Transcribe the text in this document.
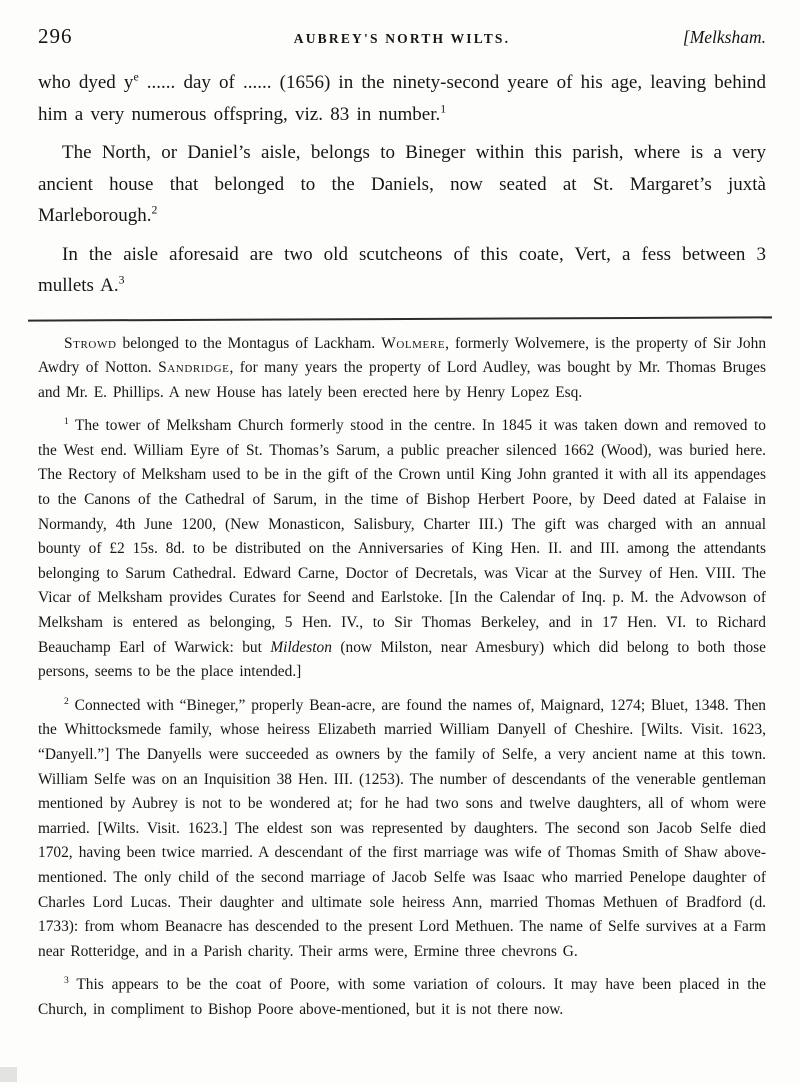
296	AUBREY'S NORTH WILTS.	[Melksham.

who dyed $y^e$ ...... day of ...... (1656) in the ninety-second yeare of his age, leaving behind him a very numerous offspring, viz. 83 in number.$^1$

The North, or Daniel’s aisle, belongs to Bineger within this parish, where is a very ancient house that belonged to the Daniels, now seated at St. Margaret’s juxtà Marleborough.$^2$

In the aisle aforesaid are two old scutcheons of this coate, Vert, a fess between 3 mullets A.$^3$

Strowd belonged to the Montagus of Lackham. Wolmere, formerly Wolvemere, is the property of Sir John Awdry of Notton. Sandridge, for many years the property of Lord Audley, was bought by Mr. Thomas Bruges and Mr. E. Phillips. A new House has lately been erected here by Henry Lopez Esq.

$^1$ The tower of Melksham Church formerly stood in the centre. In 1845 it was taken down and removed to the West end. William Eyre of St. Thomas’s Sarum, a public preacher silenced 1662 (Wood), was buried here. The Rectory of Melksham used to be in the gift of the Crown until King John granted it with all its appendages to the Canons of the Cathedral of Sarum, in the time of Bishop Herbert Poore, by Deed dated at Falaise in Normandy, 4th June 1200, (New Monasticon, Salisbury, Charter III.) The gift was charged with an annual bounty of £2 15s. 8d. to be distributed on the Anniversaries of King Hen. II. and III. among the attendants belonging to Sarum Cathedral. Edward Carne, Doctor of Decretals, was Vicar at the Survey of Hen. VIII. The Vicar of Melksham provides Curates for Seend and Earlstoke. [In the Calendar of Inq. p. M. the Advowson of Melksham is entered as belonging, 5 Hen. IV., to Sir Thomas Berkeley, and in 17 Hen. VI. to Richard Beauchamp Earl of Warwick: but Mildeston (now Milston, near Amesbury) which did belong to both those persons, seems to be the place intended.]

$^2$ Connected with “Bineger,” properly Bean-acre, are found the names of, Maignard, 1274; Bluet, 1348. Then the Whittocksmede family, whose heiress Elizabeth married William Danyell of Cheshire. [Wilts. Visit. 1623, “Danyell.”] The Danyells were succeeded as owners by the family of Selfe, a very ancient name at this town. William Selfe was on an Inquisition 38 Hen. III. (1253). The number of descendants of the venerable gentleman mentioned by Aubrey is not to be wondered at; for he had two sons and twelve daughters, all of whom were married. [Wilts. Visit. 1623.] The eldest son was represented by daughters. The second son Jacob Selfe died 1702, having been twice married. A descendant of the first marriage was wife of Thomas Smith of Shaw above-mentioned. The only child of the second marriage of Jacob Selfe was Isaac who married Penelope daughter of Charles Lord Lucas. Their daughter and ultimate sole heiress Ann, married Thomas Methuen of Bradford (d. 1733): from whom Beanacre has descended to the present Lord Methuen. The name of Selfe survives at a Farm near Rotteridge, and in a Parish charity. Their arms were, Ermine three chevrons G.

$^3$ This appears to be the coat of Poore, with some variation of colours. It may have been placed in the Church, in compliment to Bishop Poore above-mentioned, but it is not there now.
